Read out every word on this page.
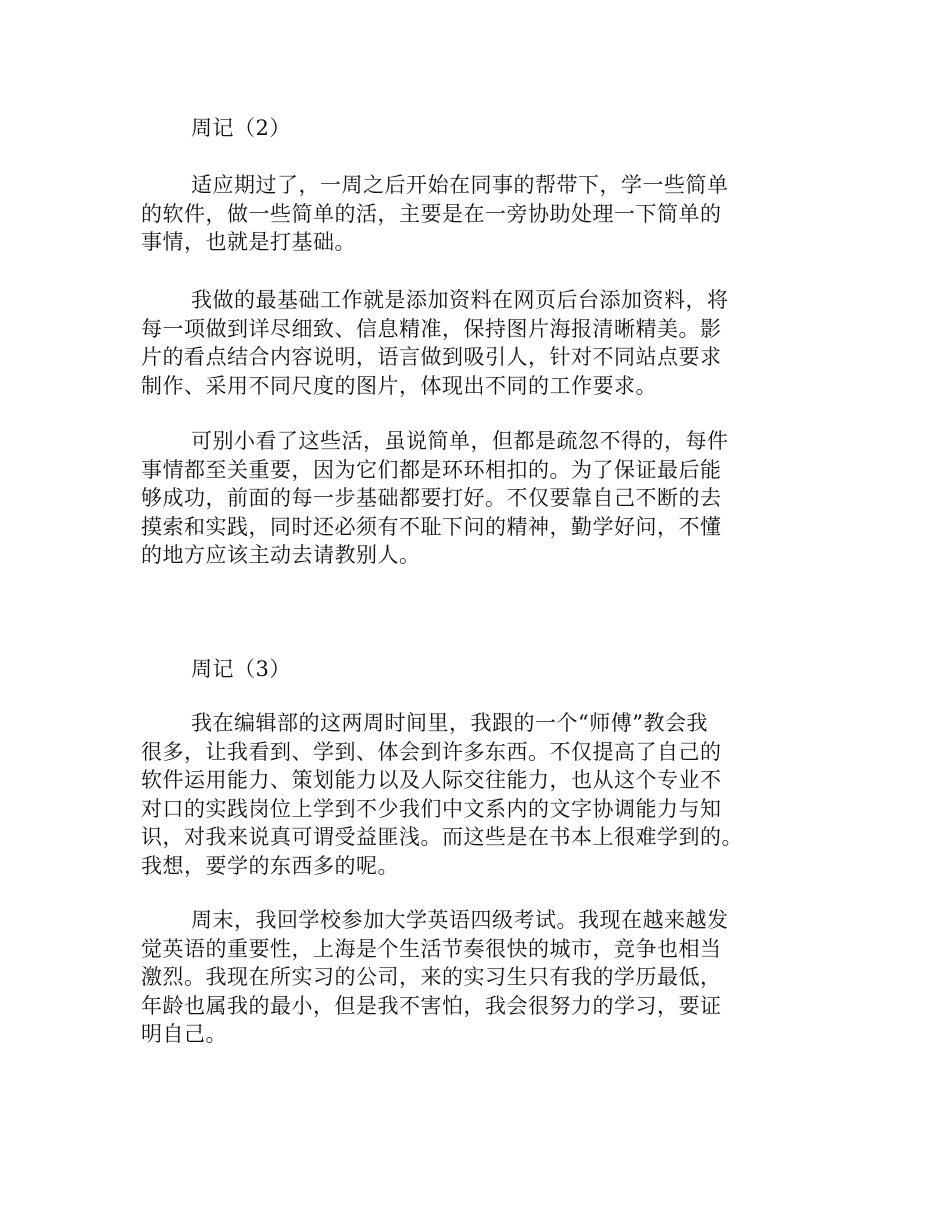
周记（2）
适应期过了，一周之后开始在同事的帮带下，学一些简单
的软件，做一些简单的活，主要是在一旁协助处理一下简单的
事情，也就是打基础。
我做的最基础工作就是添加资料在网页后台添加资料，将
每一项做到详尽细致、信息精准，保持图片海报清晰精美。影
片的看点结合内容说明，语言做到吸引人，针对不同站点要求
制作、采用不同尺度的图片，体现出不同的工作要求。
可别小看了这些活，虽说简单，但都是疏忽不得的，每件
事情都至关重要，因为它们都是环环相扣的。为了保证最后能
够成功，前面的每一步基础都要打好。不仅要靠自己不断的去
摸索和实践，同时还必须有不耻下问的精神，勤学好问，不懂
的地方应该主动去请教别人。
周记（3）
我在编辑部的这两周时间里，我跟的一个“师傅”教会我
很多，让我看到、学到、体会到许多东西。不仅提高了自己的
软件运用能力、策划能力以及人际交往能力，也从这个专业不
对口的实践岗位上学到不少我们中文系内的文字协调能力与知
识，对我来说真可谓受益匪浅。而这些是在书本上很难学到的。
我想，要学的东西多的呢。
周末，我回学校参加大学英语四级考试。我现在越来越发
觉英语的重要性，上海是个生活节奏很快的城市，竞争也相当
激烈。我现在所实习的公司，来的实习生只有我的学历最低，
年龄也属我的最小，但是我不害怕，我会很努力的学习，要证
明自己。
